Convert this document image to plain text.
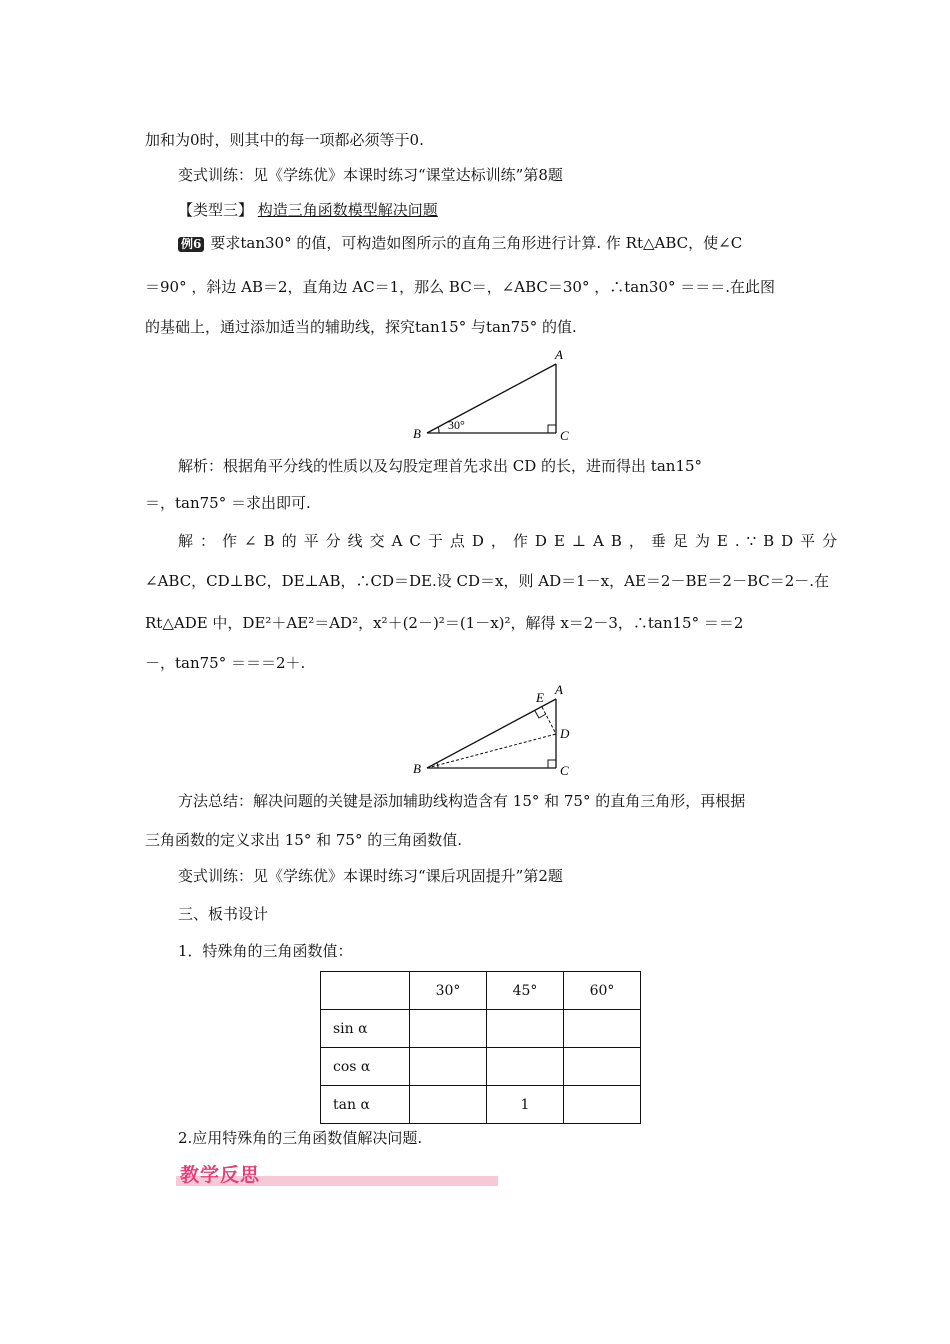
加和为0时，则其中的每一项都必须等于0.
变式训练：见《学练优》本课时练习“课堂达标训练”第8题
【类型三】 构造三角函数模型解决问题
例6 要求tan30° 的值，可构造如图所示的直角三角形进行计算. 作 Rt△ABC，使∠C
＝90° ，斜边 AB＝2，直角边 AC＝1，那么 BC＝，∠ABC＝30° ，∴tan30° ＝＝＝.在此图
的基础上，通过添加适当的辅助线，探究tan15° 与tan75° 的值.
A
B	C
30°
解析：根据角平分线的性质以及勾股定理首先求出 CD 的长，进而得出 tan15°
＝，tan75° ＝求出即可.
解：作∠B的平分线交AC于点D，作DE⊥AB，垂足为E.∵BD平分
∠ABC，CD⊥BC，DE⊥AB，∴CD＝DE.设 CD＝x，则 AD＝1－x，AE＝2－BE＝2－BC＝2－.在
Rt△ADE 中，DE²＋AE²＝AD²，x²＋(2－)²＝(1－x)²，解得 x＝2－3，∴tan15° ＝＝2
－，tan75° ＝＝＝2＋.
A
E
D
B	C
方法总结：解决问题的关键是添加辅助线构造含有 15° 和 75° 的直角三角形，再根据
三角函数的定义求出 15° 和 75° 的三角函数值.
变式训练：见《学练优》本课时练习“课后巩固提升”第2题
三、板书设计
1．特殊角的三角函数值：
	30°	45°	60°
sin α			
cos α			
tan α		1	
2.应用特殊角的三角函数值解决问题.
教学反思
